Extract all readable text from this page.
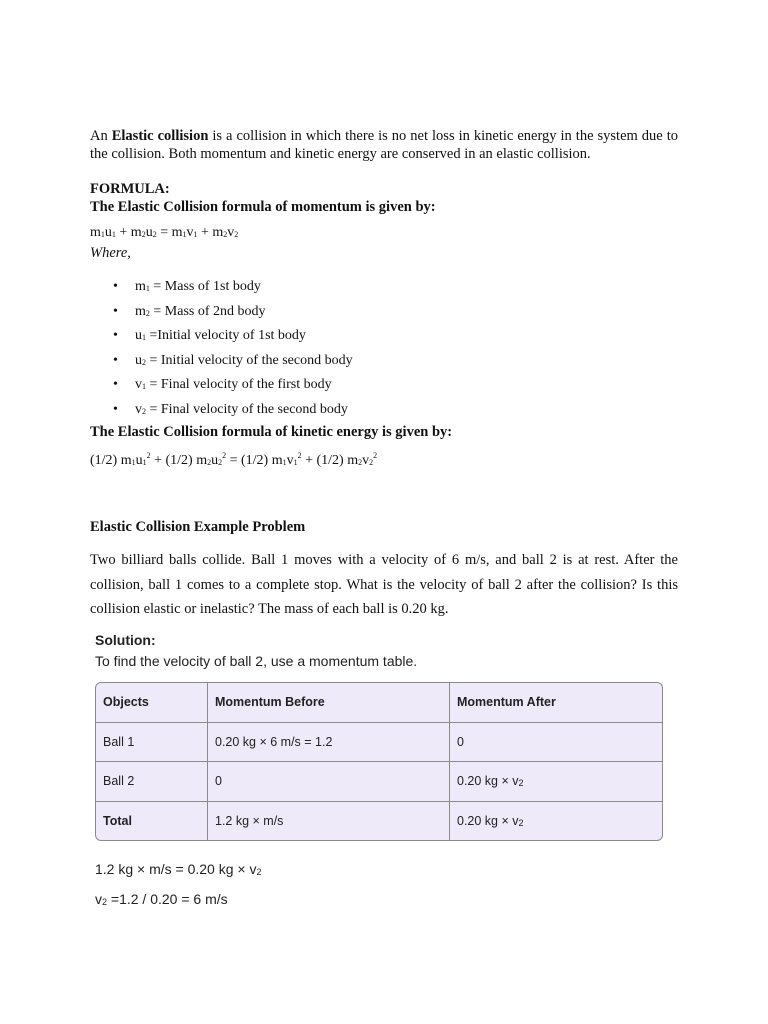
An Elastic collision is a collision in which there is no net loss in kinetic energy in the system due to the collision. Both momentum and kinetic energy are conserved in an elastic collision.

FORMULA:

The Elastic Collision formula of momentum is given by:

$m_1u_1 + m_2u_2 = m_1v_1 + m_2v_2$

Where,

• $m_1$ = Mass of 1st body
• $m_2$ = Mass of 2nd body
• $u_1$ =Initial velocity of 1st body
• $u_2$ = Initial velocity of the second body
• $v_1$ = Final velocity of the first body
• $v_2$ = Final velocity of the second body

The Elastic Collision formula of kinetic energy is given by:

(1/2) $m_1u_1^2 + (1/2) m_2u_2^2 = (1/2) m_1v_1^2 + (1/2)$ $m_2v_2^2$

Elastic Collision Example Problem

Two billiard balls collide. Ball 1 moves with a velocity of 6 m/s, and ball 2 is at rest. After the collision, ball 1 comes to a complete stop. What is the velocity of ball 2 after the collision? Is this collision elastic or inelastic? The mass of each ball is 0.20 kg.

Solution:

To find the velocity of ball 2, use a momentum table.

Objects	Momentum Before	Momentum After
Ball 1	0.20 kg × 6 m/s = 1.2	0
Ball 2	0	0.20 kg × $v_2$
Total	1.2 kg × m/s	0.20 kg × $v_2$
1.2 kg × m/s = 0.20 kg × $v_2$
$v_2 =1.2 / 0.20 = 6$ m/s
